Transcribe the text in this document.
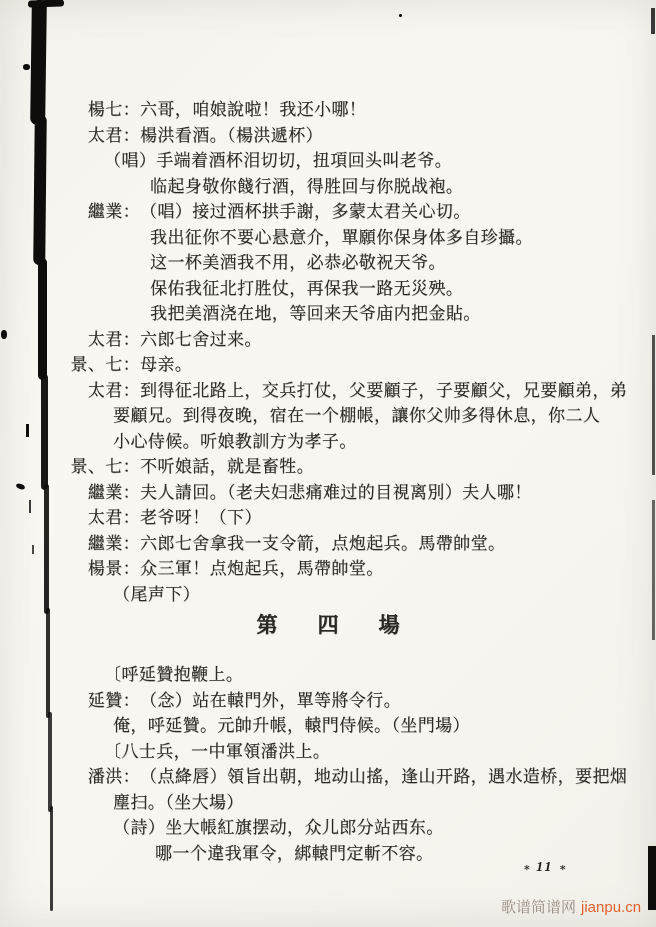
楊七：六哥，咱娘說啦！我还小哪！
太君：楊洪看酒。（楊洪遞杯）
（唱）手端着酒杯泪切切，扭項回头叫老爷。
临起身敬你餞行酒，得胜回与你脱战袍。
繼業：（唱）接过酒杯拱手謝，多蒙太君关心切。
我出征你不要心悬意介，單願你保身体多自珍攝。
这一杯美酒我不用，必恭必敬祝天爷。
保佑我征北打胜仗，再保我一路无災殃。
我把美酒浇在地，等回来天爷庙内把金貼。
太君：六郎七舍过来。
景、七：母亲。
太君：到得征北路上，交兵打仗，父要顧子，子要顧父，兄要顧弟，弟
要顧兄。到得夜晚，宿在一个棚帳，讓你父帅多得休息，你二人
小心侍候。听娘教訓方为孝子。
景、七：不听娘話，就是畜牲。
繼業：夫人請回。（老夫妇悲痛难过的目視离別）夫人哪！
太君：老爷呀！（下）
繼業：六郎七舍拿我一支令箭，点炮起兵。馬帶帥堂。
楊景：众三軍！点炮起兵，馬帶帥堂。
（尾声下）
第四場
〔呼延贊抱鞭上。
延贊：（念）站在轅門外，單等將令行。
俺，呼延贊。元帥升帳，轅門侍候。（坐門場）
〔八士兵，一中軍領潘洪上。
潘洪：（点絳唇）領旨出朝，地动山搖，逢山开路，遇水造桥，要把烟
塵扫。（坐大場）
（詩）坐大帳紅旗摆动，众儿郎分站西东。
哪一个違我軍令，綁轅門定斬不容。
∗ 11 ∗
歌谱简谱网 jianpu.cn
